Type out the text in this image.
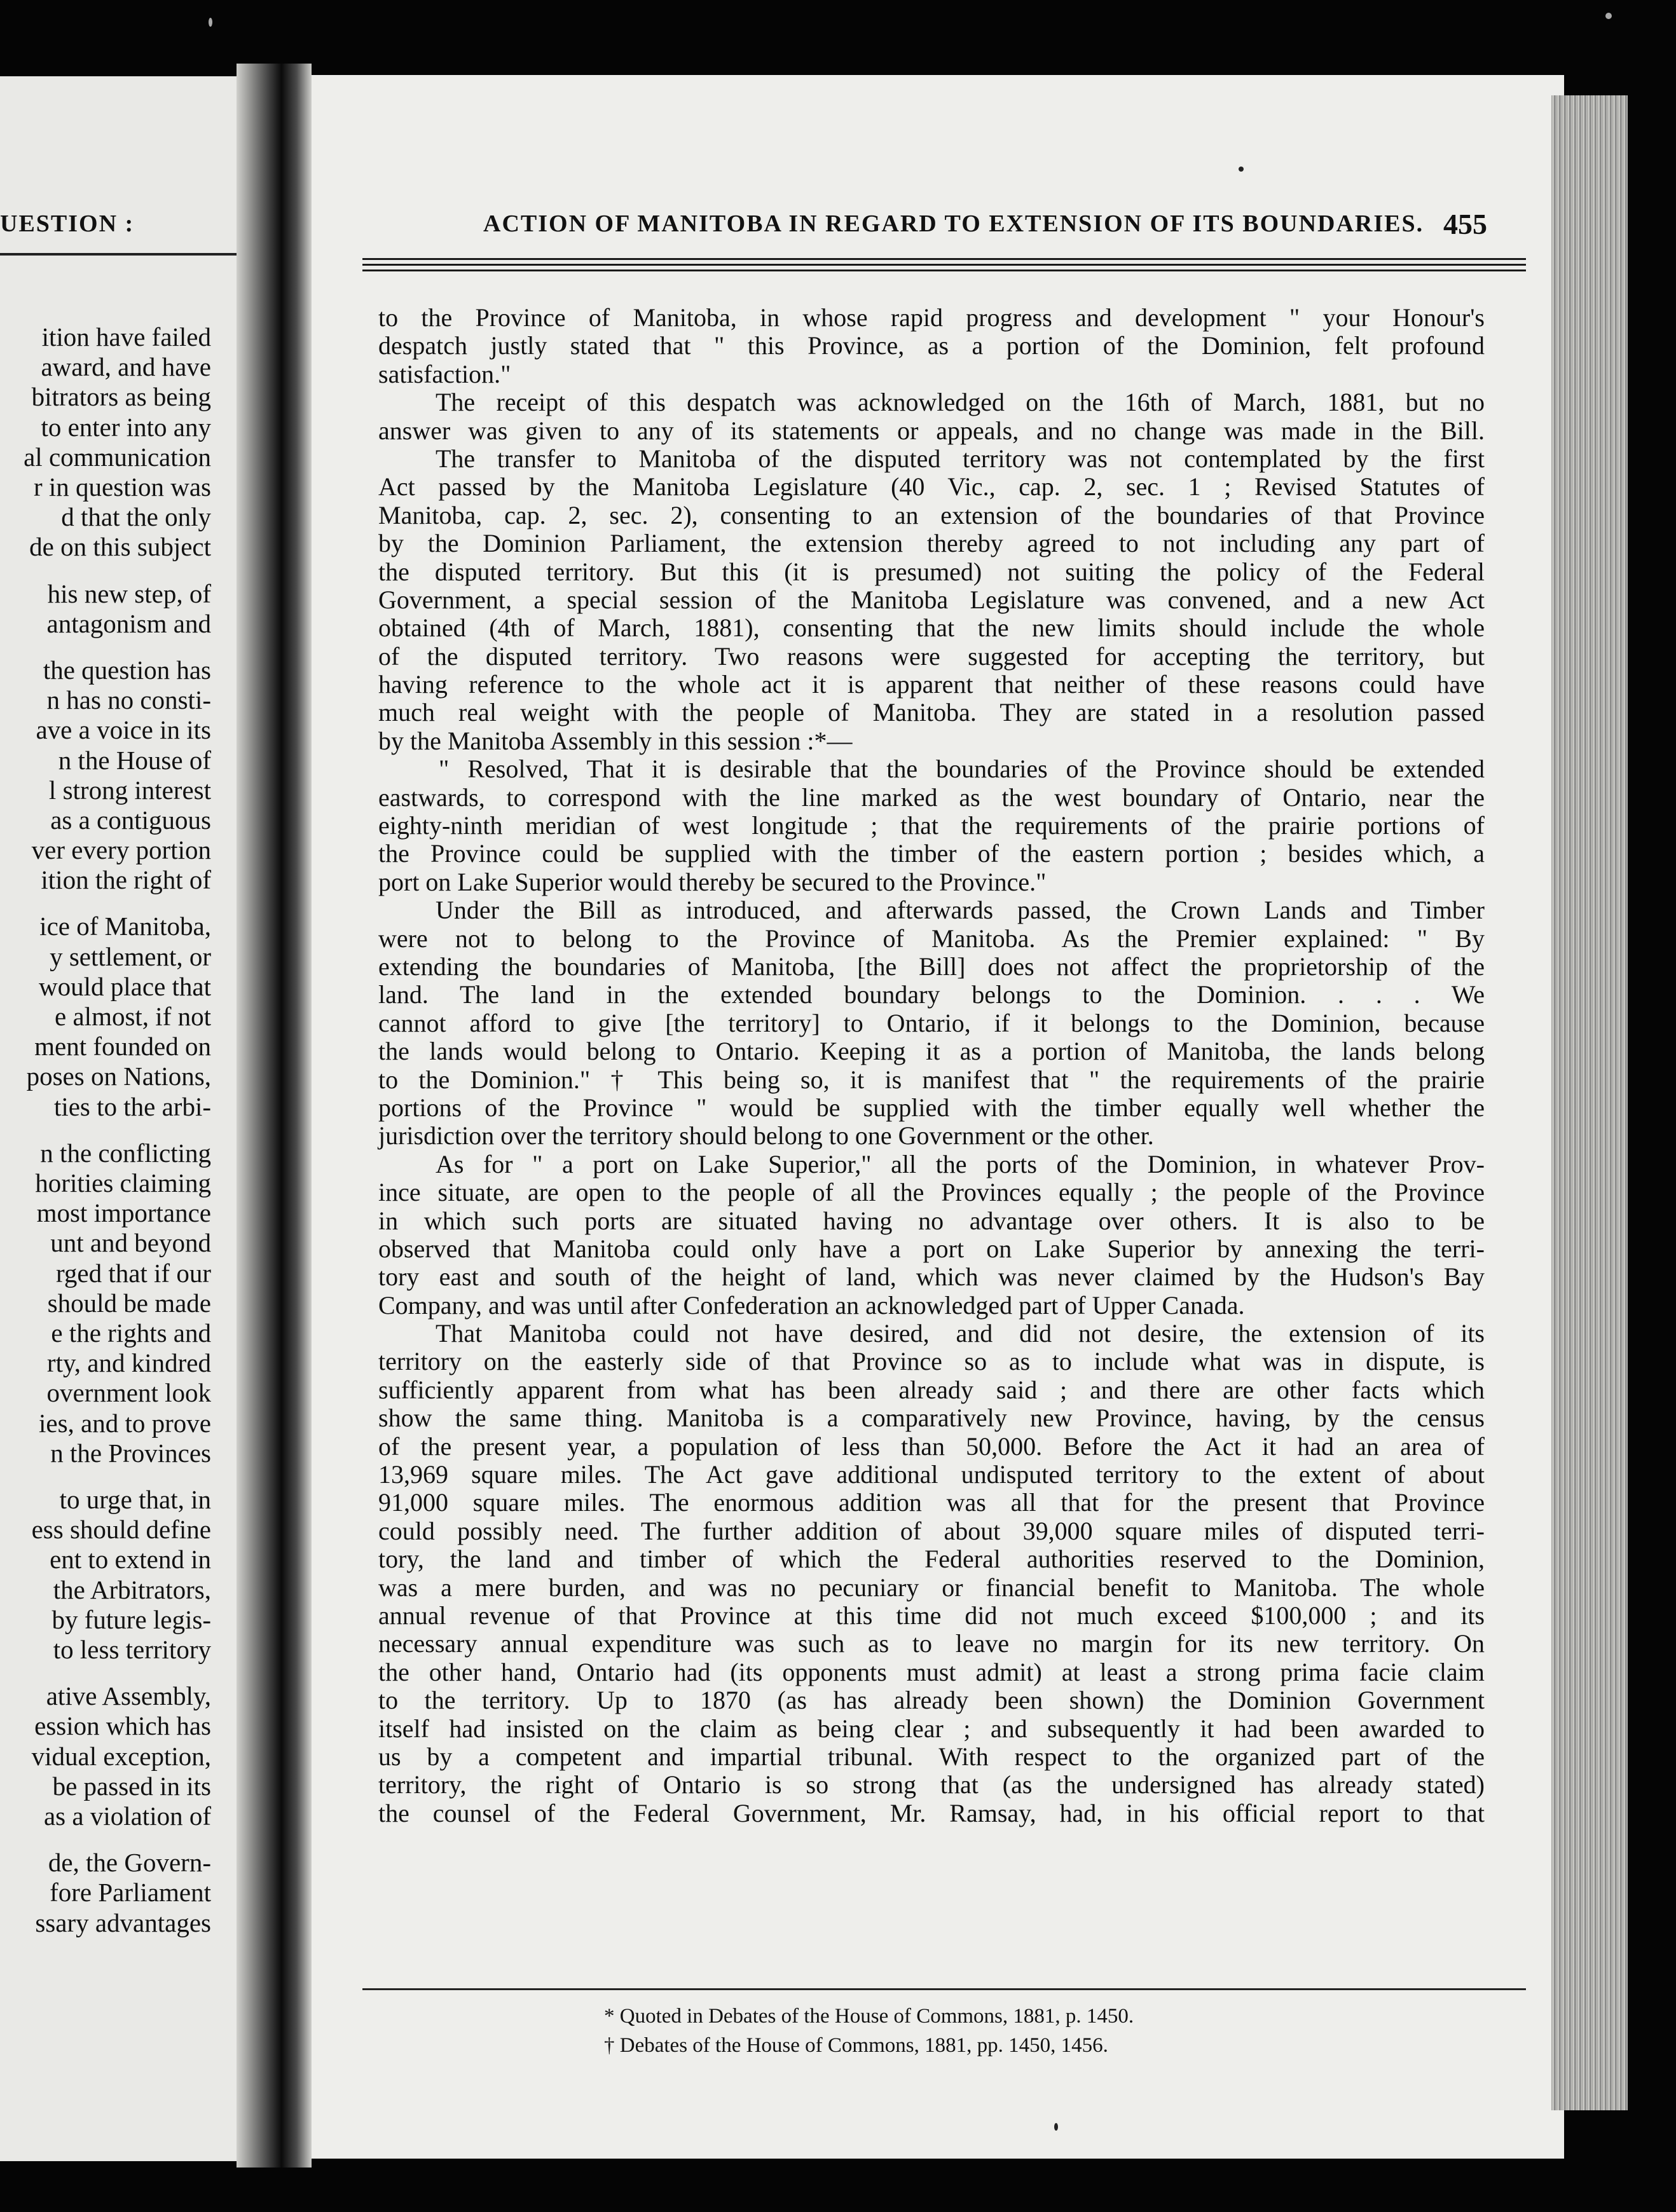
UESTION :
ition have failed
award, and have
bitrators as being
to enter into any
al communication
r in question was
d that the only
de on this subject
his new step, of
antagonism and
the question has
n has no consti-
ave a voice in its
n the House of
l strong interest
as a contiguous
ver every portion
ition the right of
ice of Manitoba,
y settlement, or
would place that
e almost, if not
ment founded on
poses on Nations,
ties to the arbi-
n the conflicting
horities claiming
most importance
unt and beyond
rged that if our
should be made
e the rights and
rty, and kindred
overnment look
ies, and to prove
n the Provinces
to urge that, in
ess should define
ent to extend in
the Arbitrators,
by future legis-
to less territory
ative Assembly,
ession which has
vidual exception,
be passed in its
as a violation of
de, the Govern-
fore Parliament
ssary advantages
ACTION OF MANITOBA IN REGARD TO EXTENSION OF ITS BOUNDARIES. 455
to the Province of Manitoba, in whose rapid progress and development " your Honour's
despatch justly stated that " this Province, as a portion of the Dominion, felt profound
satisfaction."
The receipt of this despatch was acknowledged on the 16th of March, 1881, but no
answer was given to any of its statements or appeals, and no change was made in the Bill.
The transfer to Manitoba of the disputed territory was not contemplated by the first
Act passed by the Manitoba Legislature (40 Vic., cap. 2, sec. 1 ; Revised Statutes of
Manitoba, cap. 2, sec. 2), consenting to an extension of the boundaries of that Province
by the Dominion Parliament, the extension thereby agreed to not including any part of
the disputed territory. But this (it is presumed) not suiting the policy of the Federal
Government, a special session of the Manitoba Legislature was convened, and a new Act
obtained (4th of March, 1881), consenting that the new limits should include the whole
of the disputed territory. Two reasons were suggested for accepting the territory, but
having reference to the whole act it is apparent that neither of these reasons could have
much real weight with the people of Manitoba. They are stated in a resolution passed
by the Manitoba Assembly in this session :*—
" Resolved, That it is desirable that the boundaries of the Province should be extended
eastwards, to correspond with the line marked as the west boundary of Ontario, near the
eighty-ninth meridian of west longitude ; that the requirements of the prairie portions of
the Province could be supplied with the timber of the eastern portion ; besides which, a
port on Lake Superior would thereby be secured to the Province."
Under the Bill as introduced, and afterwards passed, the Crown Lands and Timber
were not to belong to the Province of Manitoba. As the Premier explained: " By
extending the boundaries of Manitoba, [the Bill] does not affect the proprietorship of the
land. The land in the extended boundary belongs to the Dominion. . . . We
cannot afford to give [the territory] to Ontario, if it belongs to the Dominion, because
the lands would belong to Ontario. Keeping it as a portion of Manitoba, the lands belong
to the Dominion." † This being so, it is manifest that " the requirements of the prairie
portions of the Province " would be supplied with the timber equally well whether the
jurisdiction over the territory should belong to one Government or the other.
As for " a port on Lake Superior," all the ports of the Dominion, in whatever Prov-
ince situate, are open to the people of all the Provinces equally ; the people of the Province
in which such ports are situated having no advantage over others. It is also to be
observed that Manitoba could only have a port on Lake Superior by annexing the terri-
tory east and south of the height of land, which was never claimed by the Hudson's Bay
Company, and was until after Confederation an acknowledged part of Upper Canada.
That Manitoba could not have desired, and did not desire, the extension of its
territory on the easterly side of that Province so as to include what was in dispute, is
sufficiently apparent from what has been already said ; and there are other facts which
show the same thing. Manitoba is a comparatively new Province, having, by the census
of the present year, a population of less than 50,000. Before the Act it had an area of
13,969 square miles. The Act gave additional undisputed territory to the extent of about
91,000 square miles. The enormous addition was all that for the present that Province
could possibly need. The further addition of about 39,000 square miles of disputed terri-
tory, the land and timber of which the Federal authorities reserved to the Dominion,
was a mere burden, and was no pecuniary or financial benefit to Manitoba. The whole
annual revenue of that Province at this time did not much exceed $100,000 ; and its
necessary annual expenditure was such as to leave no margin for its new territory. On
the other hand, Ontario had (its opponents must admit) at least a strong prima facie claim
to the territory. Up to 1870 (as has already been shown) the Dominion Government
itself had insisted on the claim as being clear ; and subsequently it had been awarded to
us by a competent and impartial tribunal. With respect to the organized part of the
territory, the right of Ontario is so strong that (as the undersigned has already stated)
the counsel of the Federal Government, Mr. Ramsay, had, in his official report to that
* Quoted in Debates of the House of Commons, 1881, p. 1450.
† Debates of the House of Commons, 1881, pp. 1450, 1456.
